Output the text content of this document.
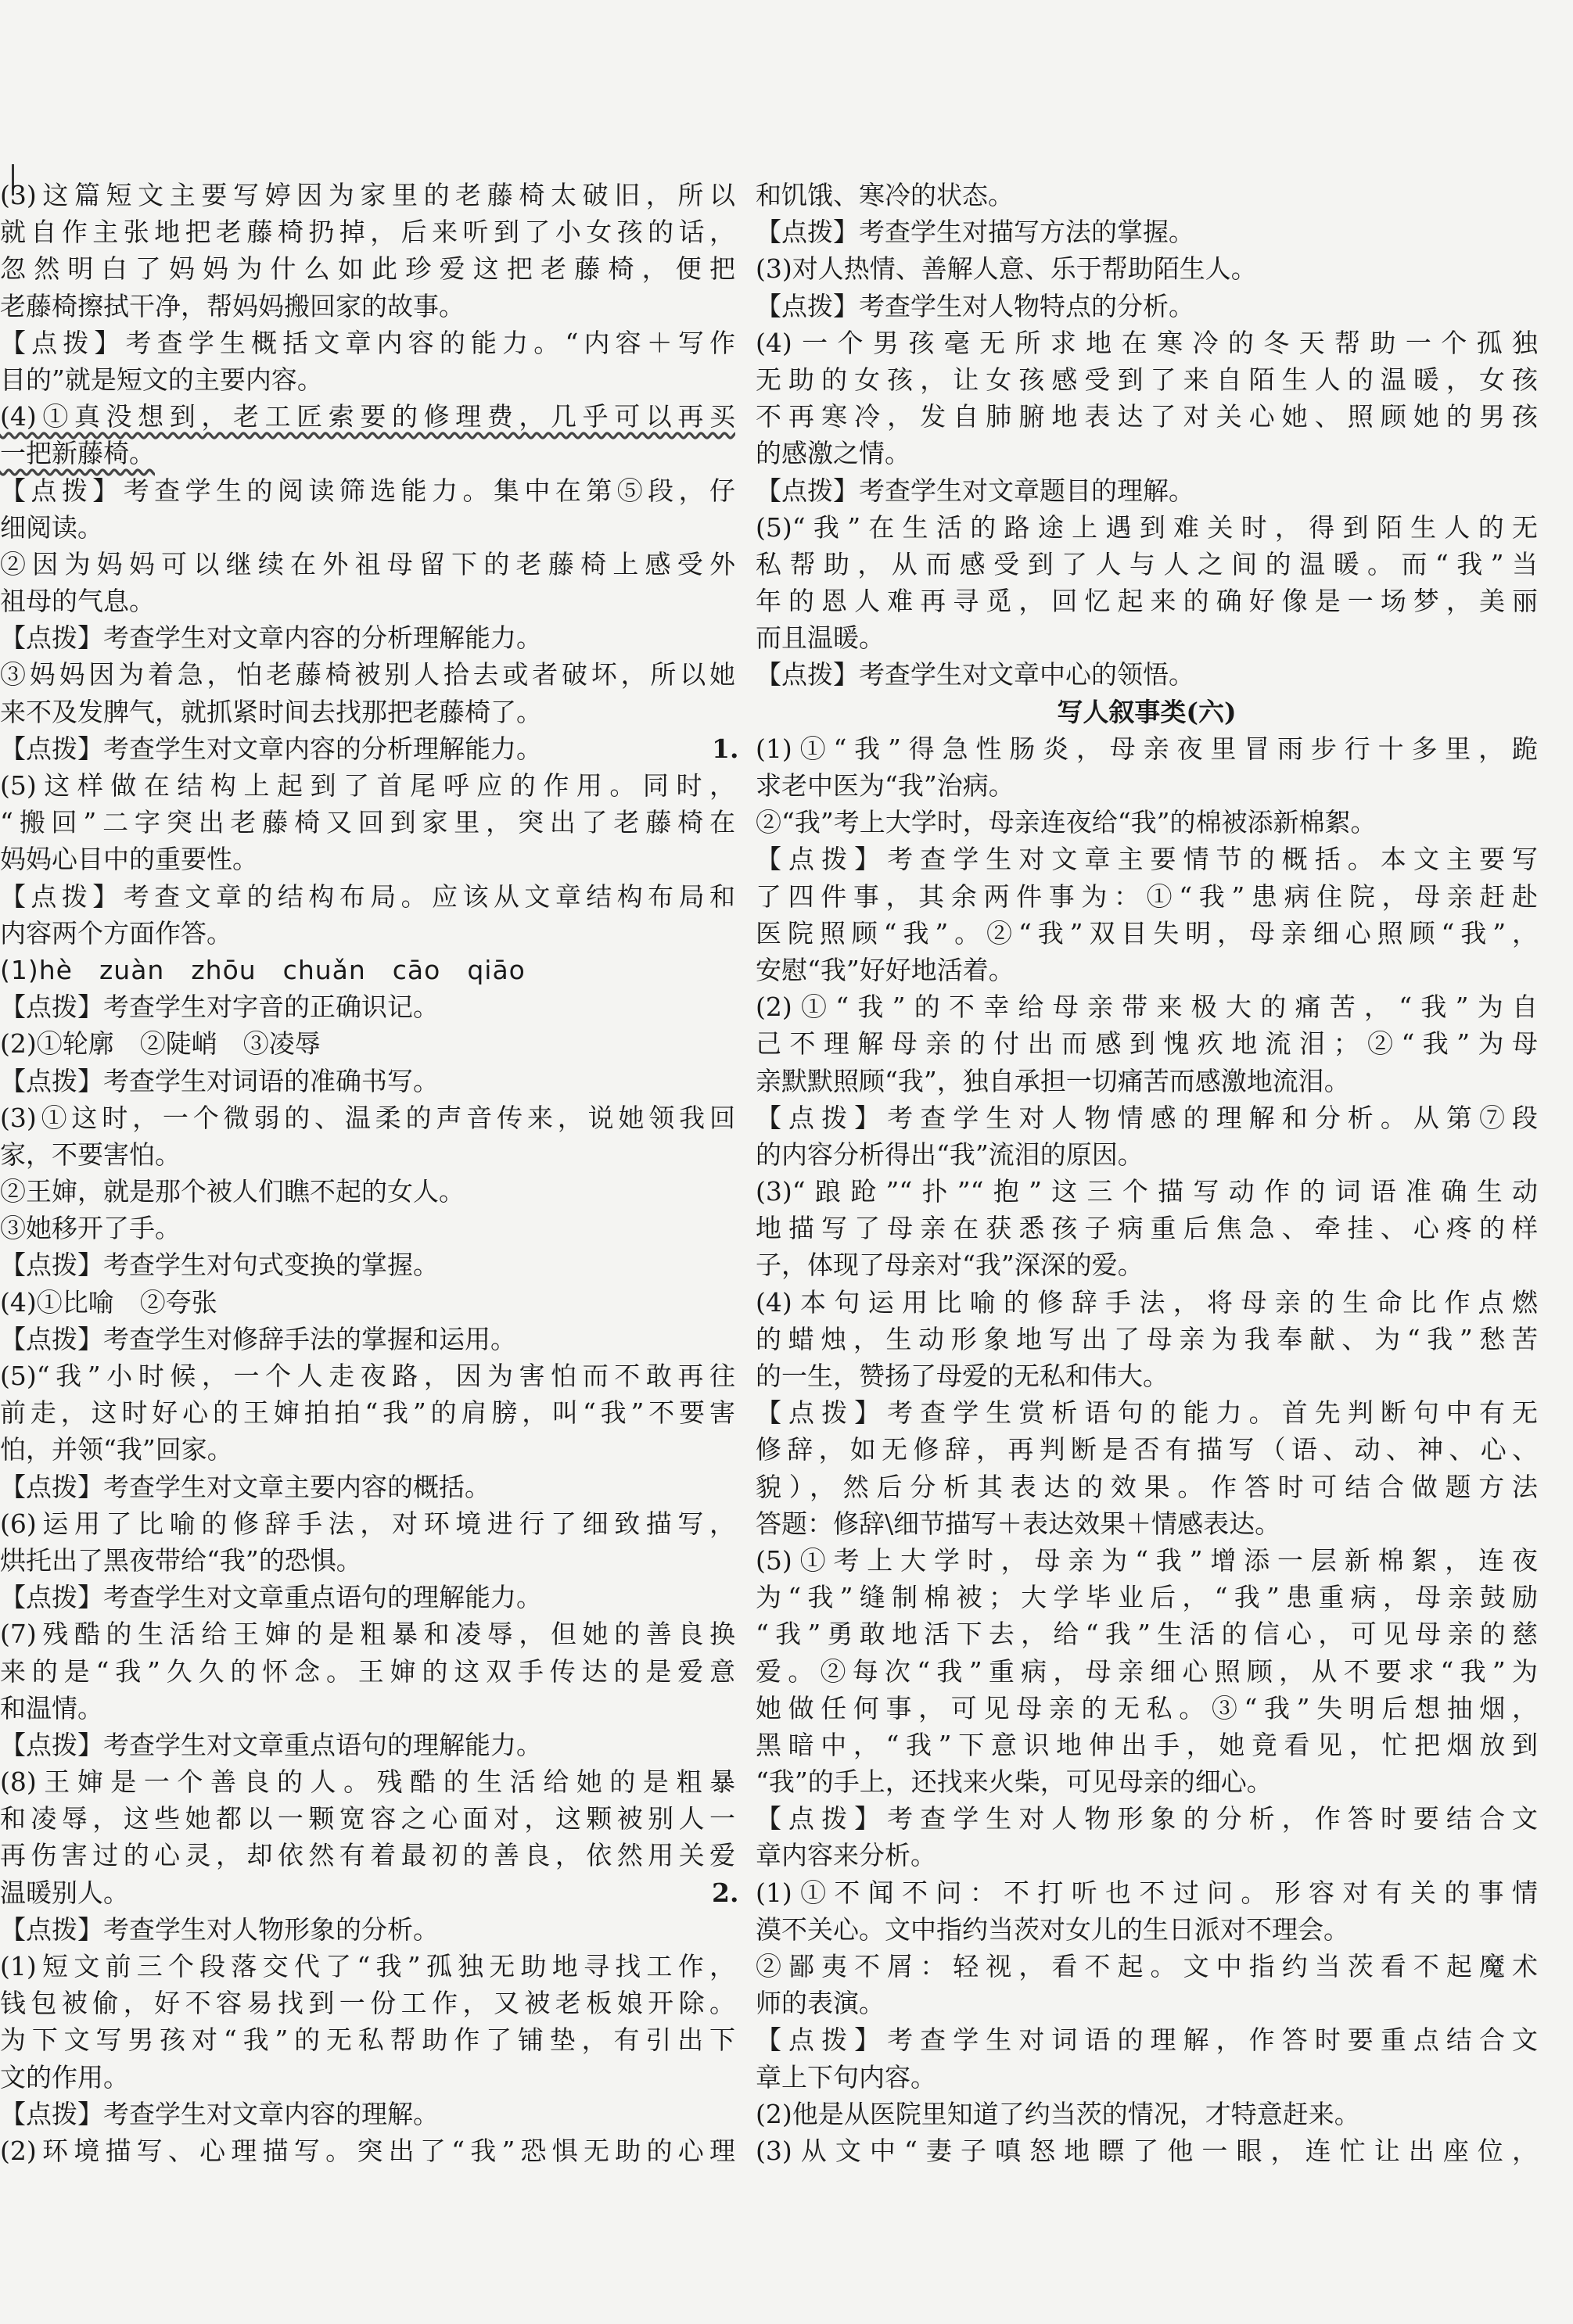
(3)这篇短文主要写婷因为家里的老藤椅太破旧，所以
就自作主张地把老藤椅扔掉，后来听到了小女孩的话，
忽然明白了妈妈为什么如此珍爱这把老藤椅，便把
老藤椅擦拭干净，帮妈妈搬回家的故事。
【点拨】考查学生概括文章内容的能力。“内容＋写作
目的”就是短文的主要内容。
(4)①真没想到，老工匠索要的修理费，几乎可以再买
一把新藤椅。
【点拨】考查学生的阅读筛选能力。集中在第⑤段，仔
细阅读。
②因为妈妈可以继续在外祖母留下的老藤椅上感受外
祖母的气息。
【点拨】考查学生对文章内容的分析理解能力。
③妈妈因为着急，怕老藤椅被别人拾去或者破坏，所以她
来不及发脾气，就抓紧时间去找那把老藤椅了。
【点拨】考查学生对文章内容的分析理解能力。
(5)这样做在结构上起到了首尾呼应的作用。同时，
“搬回”二字突出老藤椅又回到家里，突出了老藤椅在
妈妈心目中的重要性。
【点拨】考查文章的结构布局。应该从文章结构布局和
内容两个方面作答。
(1)hè　zuàn　zhōu　chuǎn　cāo　qiāo
【点拨】考查学生对字音的正确识记。
(2)①轮廓　②陡峭　③凌辱
【点拨】考查学生对词语的准确书写。
(3)①这时，一个微弱的、温柔的声音传来，说她领我回
家，不要害怕。
②王婶，就是那个被人们瞧不起的女人。
③她移开了手。
【点拨】考查学生对句式变换的掌握。
(4)①比喻　②夸张
【点拨】考查学生对修辞手法的掌握和运用。
(5)“我”小时候，一个人走夜路，因为害怕而不敢再往
前走，这时好心的王婶拍拍“我”的肩膀，叫“我”不要害
怕，并领“我”回家。
【点拨】考查学生对文章主要内容的概括。
(6)运用了比喻的修辞手法，对环境进行了细致描写，
烘托出了黑夜带给“我”的恐惧。
【点拨】考查学生对文章重点语句的理解能力。
(7)残酷的生活给王婶的是粗暴和凌辱，但她的善良换
来的是“我”久久的怀念。王婶的这双手传达的是爱意
和温情。
【点拨】考查学生对文章重点语句的理解能力。
(8)王婶是一个善良的人。残酷的生活给她的是粗暴
和凌辱，这些她都以一颗宽容之心面对，这颗被别人一
再伤害过的心灵，却依然有着最初的善良，依然用关爱
温暖别人。
【点拨】考查学生对人物形象的分析。
(1)短文前三个段落交代了“我”孤独无助地寻找工作，
钱包被偷，好不容易找到一份工作，又被老板娘开除。
为下文写男孩对“我”的无私帮助作了铺垫，有引出下
文的作用。
【点拨】考查学生对文章内容的理解。
(2)环境描写、心理描写。突出了“我”恐惧无助的心理
和饥饿、寒冷的状态。
【点拨】考查学生对描写方法的掌握。
(3)对人热情、善解人意、乐于帮助陌生人。
【点拨】考查学生对人物特点的分析。
(4)一个男孩毫无所求地在寒冷的冬天帮助一个孤独
无助的女孩，让女孩感受到了来自陌生人的温暖，女孩
不再寒冷，发自肺腑地表达了对关心她、照顾她的男孩
的感激之情。
【点拨】考查学生对文章题目的理解。
(5)“我”在生活的路途上遇到难关时，得到陌生人的无
私帮助，从而感受到了人与人之间的温暖。而“我”当
年的恩人难再寻觅，回忆起来的确好像是一场梦，美丽
而且温暖。
【点拨】考查学生对文章中心的领悟。
写人叙事类(六)
1. (1)①“我”得急性肠炎，母亲夜里冒雨步行十多里，跪
求老中医为“我”治病。
②“我”考上大学时，母亲连夜给“我”的棉被添新棉絮。
【点拨】考查学生对文章主要情节的概括。本文主要写
了四件事，其余两件事为：①“我”患病住院，母亲赶赴
医院照顾“我”。②“我”双目失明，母亲细心照顾“我”，
安慰“我”好好地活着。
(2)①“我”的不幸给母亲带来极大的痛苦，“我”为自
己不理解母亲的付出而感到愧疚地流泪；②“我”为母
亲默默照顾“我”，独自承担一切痛苦而感激地流泪。
【点拨】考查学生对人物情感的理解和分析。从第⑦段
的内容分析得出“我”流泪的原因。
(3)“踉跄”“扑”“抱”这三个描写动作的词语准确生动
地描写了母亲在获悉孩子病重后焦急、牵挂、心疼的样
子，体现了母亲对“我”深深的爱。
(4)本句运用比喻的修辞手法，将母亲的生命比作点燃
的蜡烛，生动形象地写出了母亲为我奉献、为“我”愁苦
的一生，赞扬了母爱的无私和伟大。
【点拨】考查学生赏析语句的能力。首先判断句中有无
修辞，如无修辞，再判断是否有描写（语、动、神、心、
貌），然后分析其表达的效果。作答时可结合做题方法
答题：修辞\细节描写＋表达效果＋情感表达。
(5)①考上大学时，母亲为“我”增添一层新棉絮，连夜
为“我”缝制棉被；大学毕业后，“我”患重病，母亲鼓励
“我”勇敢地活下去，给“我”生活的信心，可见母亲的慈
爱。②每次“我”重病，母亲细心照顾，从不要求“我”为
她做任何事，可见母亲的无私。③“我”失明后想抽烟，
黑暗中，“我”下意识地伸出手，她竟看见，忙把烟放到
“我”的手上，还找来火柴，可见母亲的细心。
【点拨】考查学生对人物形象的分析，作答时要结合文
章内容来分析。
2. (1)①不闻不问：不打听也不过问。形容对有关的事情
漠不关心。文中指约当茨对女儿的生日派对不理会。
②鄙夷不屑：轻视，看不起。文中指约当茨看不起魔术
师的表演。
【点拨】考查学生对词语的理解，作答时要重点结合文
章上下句内容。
(2)他是从医院里知道了约当茨的情况，才特意赶来。
(3)从文中“妻子嗔怒地瞟了他一眼，连忙让出座位，
